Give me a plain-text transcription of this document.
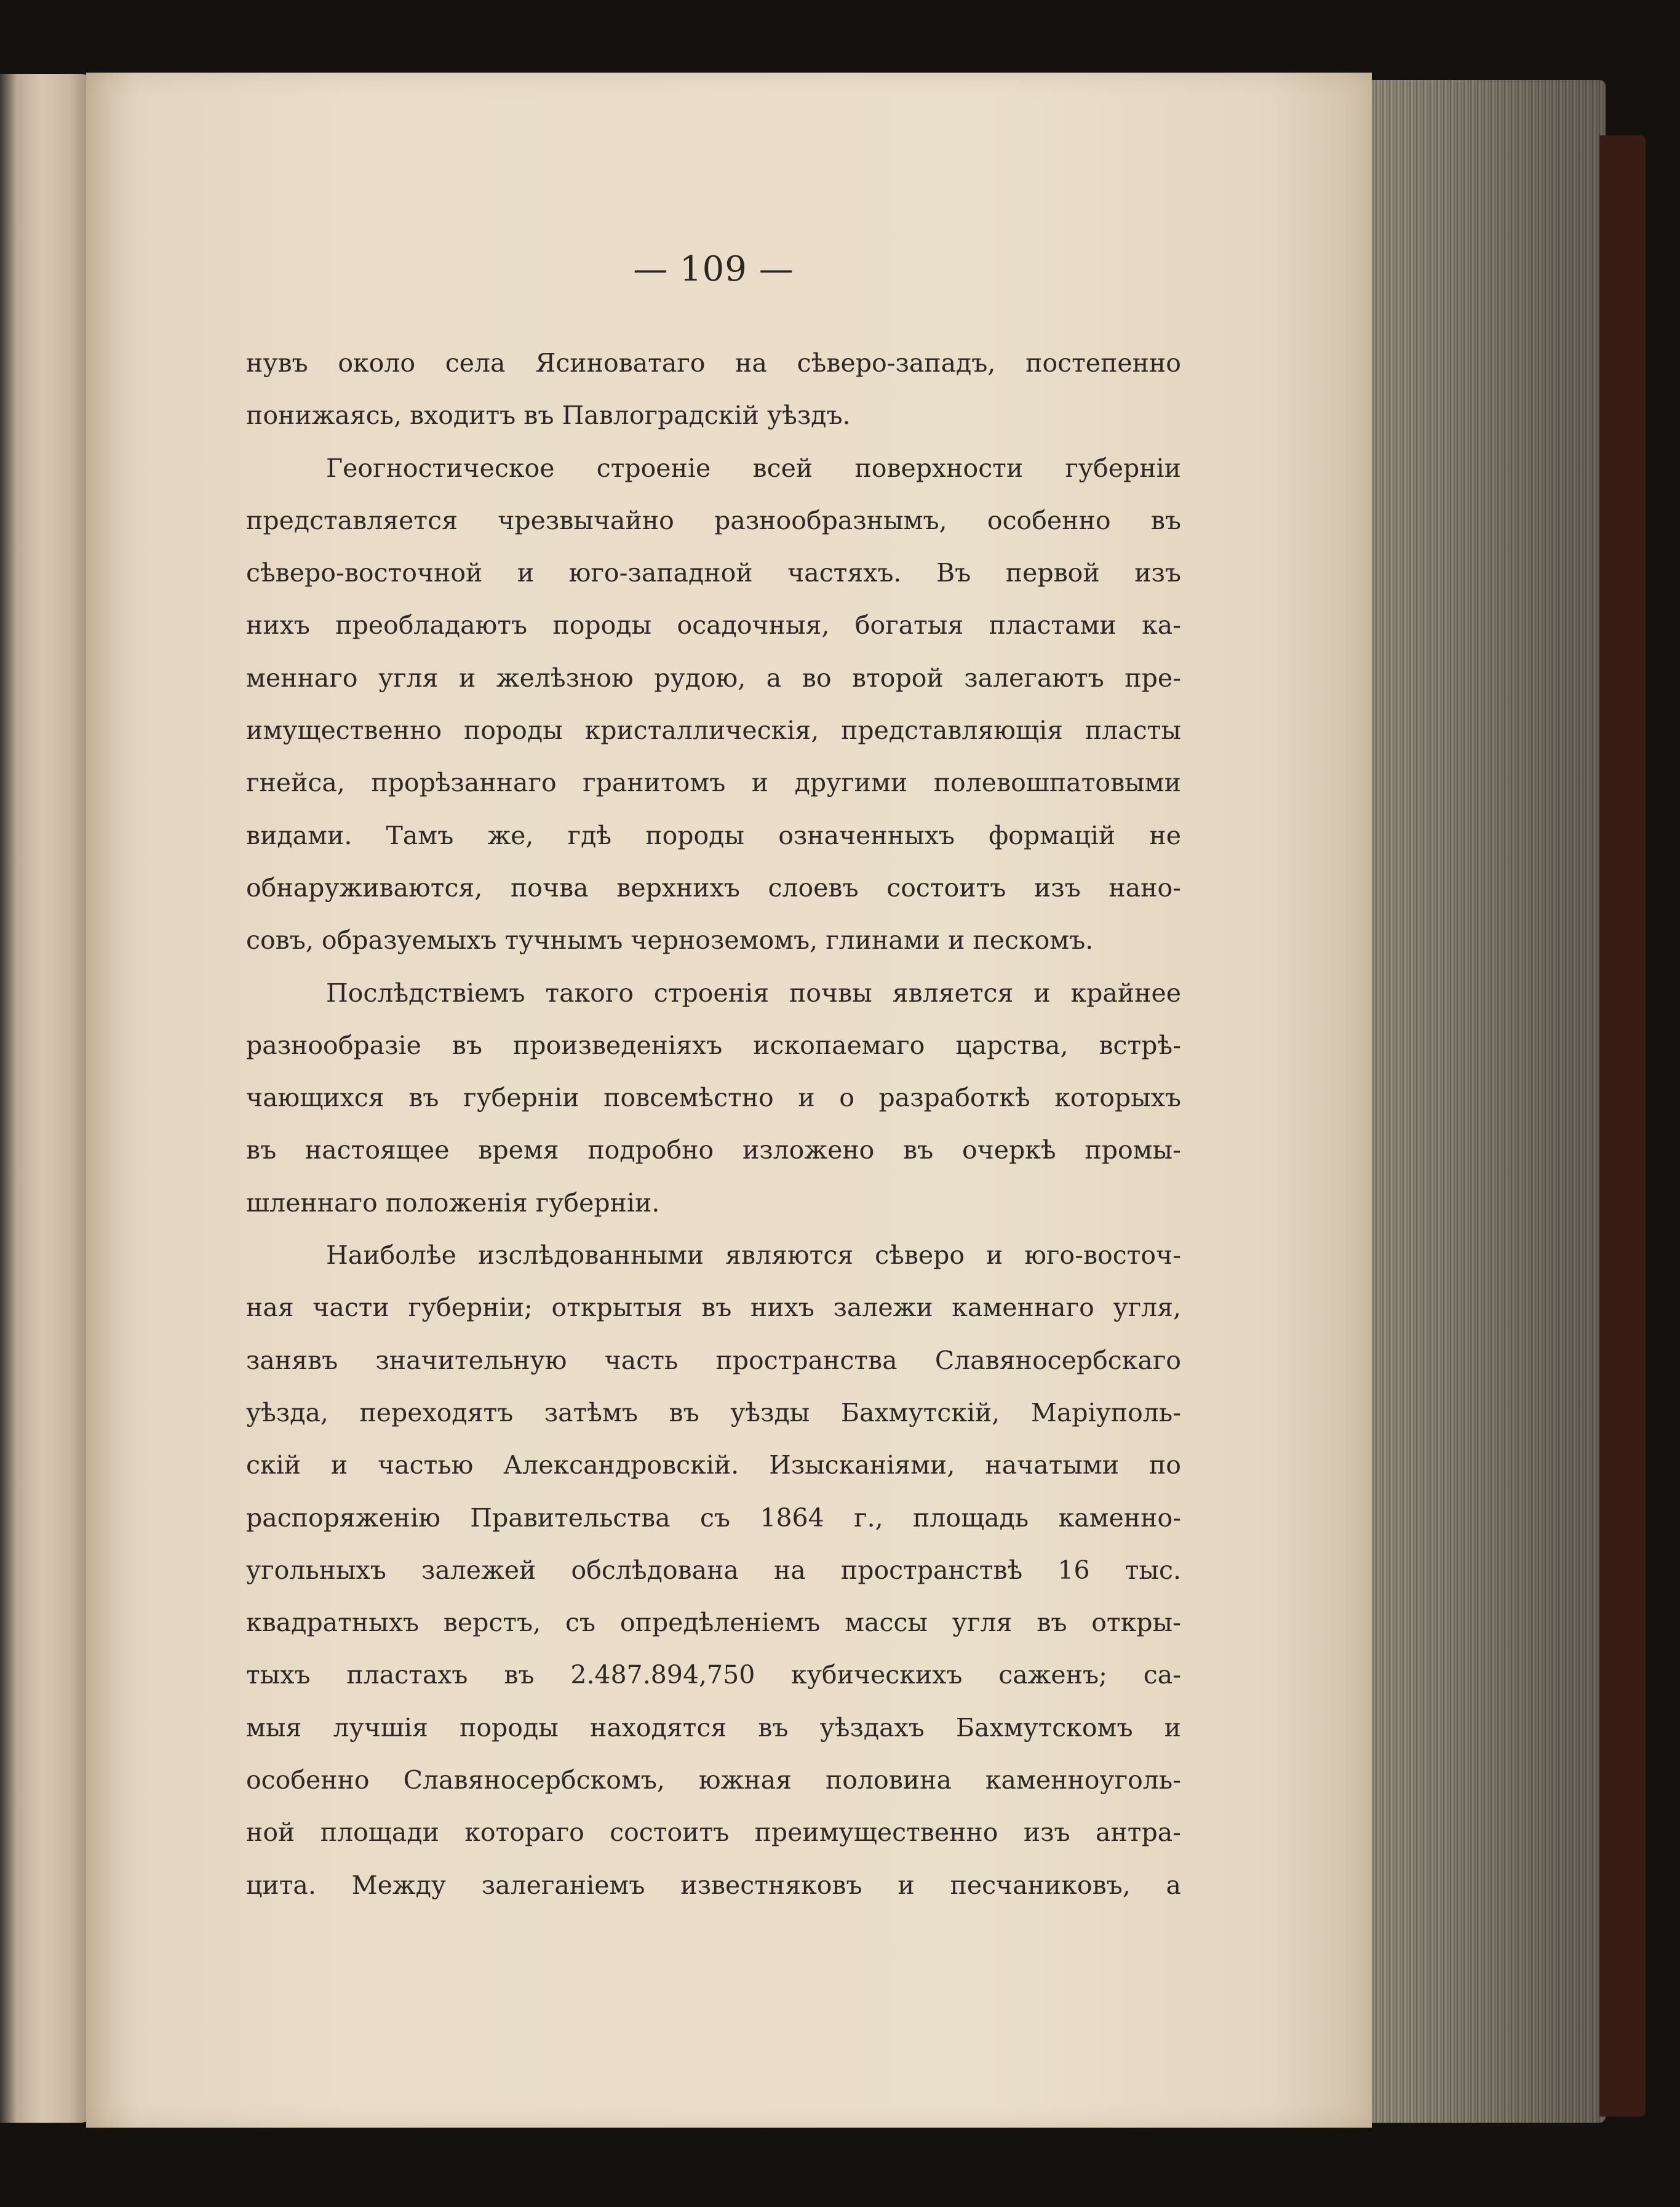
— 109 —
нувъ около села Ясиноватаго на сѣверо-западъ, постепенно
понижаясь, входитъ въ Павлоградскій уѣздъ.
Геогностическое строеніе всей поверхности губерніи
представляется чрезвычайно разнообразнымъ, особенно въ
сѣверо-восточной и юго-западной частяхъ. Въ первой изъ
нихъ преобладаютъ породы осадочныя, богатыя пластами ка-
меннаго угля и желѣзною рудою, а во второй залегаютъ пре-
имущественно породы кристаллическія, представляющія пласты
гнейса, прорѣзаннаго гранитомъ и другими полевошпатовыми
видами. Тамъ же, гдѣ породы означенныхъ формацій не
обнаруживаются, почва верхнихъ слоевъ состоитъ изъ нано-
совъ, образуемыхъ тучнымъ черноземомъ, глинами и пескомъ.
Послѣдствіемъ такого строенія почвы является и крайнее
разнообразіе въ произведеніяхъ ископаемаго царства, встрѣ-
чающихся въ губерніи повсемѣстно и о разработкѣ которыхъ
въ настоящее время подробно изложено въ очеркѣ промы-
шленнаго положенія губерніи.
Наиболѣе изслѣдованными являются сѣверо и юго-восточ-
ная части губерніи; открытыя въ нихъ залежи каменнаго угля,
занявъ значительную часть пространства Славяносербскаго
уѣзда, переходятъ затѣмъ въ уѣзды Бахмутскій, Маріуполь-
скій и частью Александровскій. Изысканіями, начатыми по
распоряженію Правительства съ 1864 г., площадь каменно-
угольныхъ залежей обслѣдована на пространствѣ 16 тыс.
квадратныхъ верстъ, съ опредѣленіемъ массы угля въ откры-
тыхъ пластахъ въ 2.487.894,750 кубическихъ саженъ; са-
мыя лучшія породы находятся въ уѣздахъ Бахмутскомъ и
особенно Славяносербскомъ, южная половина каменноуголь-
ной площади котораго состоитъ преимущественно изъ антра-
цита. Между залеганіемъ известняковъ и песчаниковъ, а
